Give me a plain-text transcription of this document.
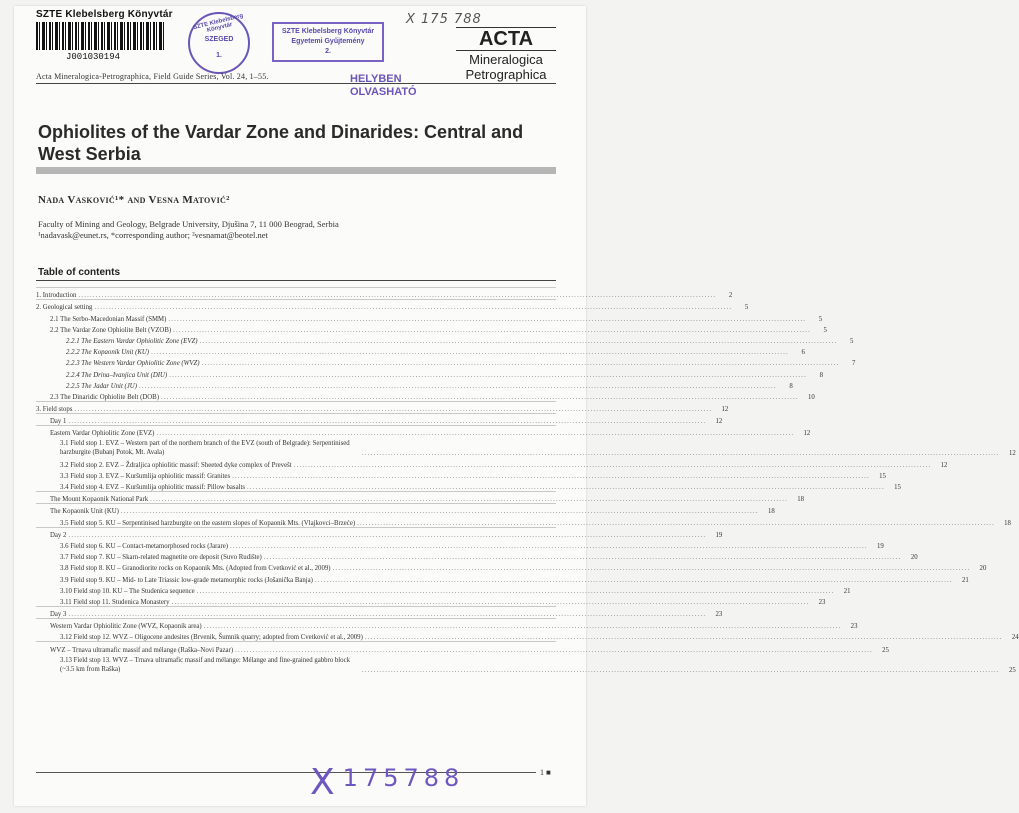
SZTE Klebelsberg Könyvtár
J001030194
SZTE Klebelsberg Könyvtár
SZEGED
1.
SZTE Klebelsberg Könyvtár
Egyetemi Gyűjtemény
2.
X 175 788
ACTA
Mineralogica
Petrographica
Acta Mineralogica-Petrographica, Field Guide Series, Vol. 24, 1–55.	HELYBEN
OLVASHATÓ
Ophiolites of the Vardar Zone and Dinarides: Central and West Serbia
Nada Vasković¹* and Vesna Matović²
Faculty of Mining and Geology, Belgrade University, Djušina 7, 11 000 Beograd, Serbia
¹nadavask@eunet.rs, *corresponding author; ²vesnamat@beotel.net
Table of contents
1. Introduction ............................................................................................................................................................................................................................	2
2. Geological setting ............................................................................................................................................................................................................................	5
2.1 The Serbo-Macedonian Massif (SMM) ............................................................................................................................................................................................................................	5
2.2 The Vardar Zone Ophiolite Belt (VZOB) ............................................................................................................................................................................................................................	5
2.2.1 The Eastern Vardar Ophiolitic Zone (EVZ) ............................................................................................................................................................................................................................	5
2.2.2 The Kopaonik Unit (KU) ............................................................................................................................................................................................................................	6
2.2.3 The Western Vardar Ophiolitic Zone (WVZ) ............................................................................................................................................................................................................................	7
2.2.4 The Drina–Ivanjica Unit (DIU) ............................................................................................................................................................................................................................	8
2.2.5 The Jadar Unit (JU) ............................................................................................................................................................................................................................	8
2.3 The Dinaridic Ophiolite Belt (DOB) ............................................................................................................................................................................................................................	10
3. Field stops ............................................................................................................................................................................................................................	12
Day 1 ............................................................................................................................................................................................................................	12
Eastern Vardar Ophiolitic Zone (EVZ) ............................................................................................................................................................................................................................	12
3.1 Field stop 1. EVZ – Western part of the northern branch of the EVZ (south of Belgrade): Serpentinised harzburgite (Bubanj Potok, Mt. Avala)	............................................................................................................................................................................................................................	12
3.2 Field stop 2. EVZ – Ždraljica ophiolitic massif: Sheeted dyke complex of Prevešt ............................................................................................................................................................................................................................	12
3.3 Field stop 3. EVZ – Kuršumlija ophiolitic massif: Granites ............................................................................................................................................................................................................................	15
3.4 Field stop 4. EVZ – Kuršumlija ophiolitic massif: Pillow basalts ............................................................................................................................................................................................................................	15
The Mount Kopaonik National Park ............................................................................................................................................................................................................................	18
The Kopaonik Unit (KU) ............................................................................................................................................................................................................................	18
3.5 Field stop 5. KU – Serpentinised harzburgite on the eastern slopes of Kopaonik Mts. (Vlajkovci–Brzeće) ............................................................................................................................................................................................................................	18
Day 2 ............................................................................................................................................................................................................................	19
3.6 Field stop 6. KU – Contact-metamorphosed rocks (Jarare) ............................................................................................................................................................................................................................	19
3.7 Field stop 7. KU – Skarn-related magnetite ore deposit (Suvo Rudište) ............................................................................................................................................................................................................................	20
3.8 Field stop 8. KU – Granodiorite rocks on Kopaonik Mts. (Adopted from Cvetković et al., 2009) ............................................................................................................................................................................................................................	20
3.9 Field stop 9. KU – Mid- to Late Triassic low-grade metamorphic rocks (Jošanička Banja) ............................................................................................................................................................................................................................	21
3.10 Field stop 10. KU – The Studenica sequence ............................................................................................................................................................................................................................	21
3.11 Field stop 11. Studenica Monastery ............................................................................................................................................................................................................................	23
Day 3 ............................................................................................................................................................................................................................	23
Western Vardar Ophiolitic Zone (WVZ, Kopaonik area) ............................................................................................................................................................................................................................	23
3.12 Field stop 12. WVZ – Oligocene andesites (Brvenik, Šumnik quarry; adopted from Cvetković et al., 2009) ............................................................................................................................................................................................................................	24
WVZ – Trnava ultramafic massif and mélange (Raška–Novi Pazar) ............................................................................................................................................................................................................................	25
3.13 Field stop 13. WVZ – Trnava ultramafic massif and mélange: Mélange and fine-grained gabbro block (~3.5 km from Raška)	............................................................................................................................................................................................................................	25
X 175788	1 ■
